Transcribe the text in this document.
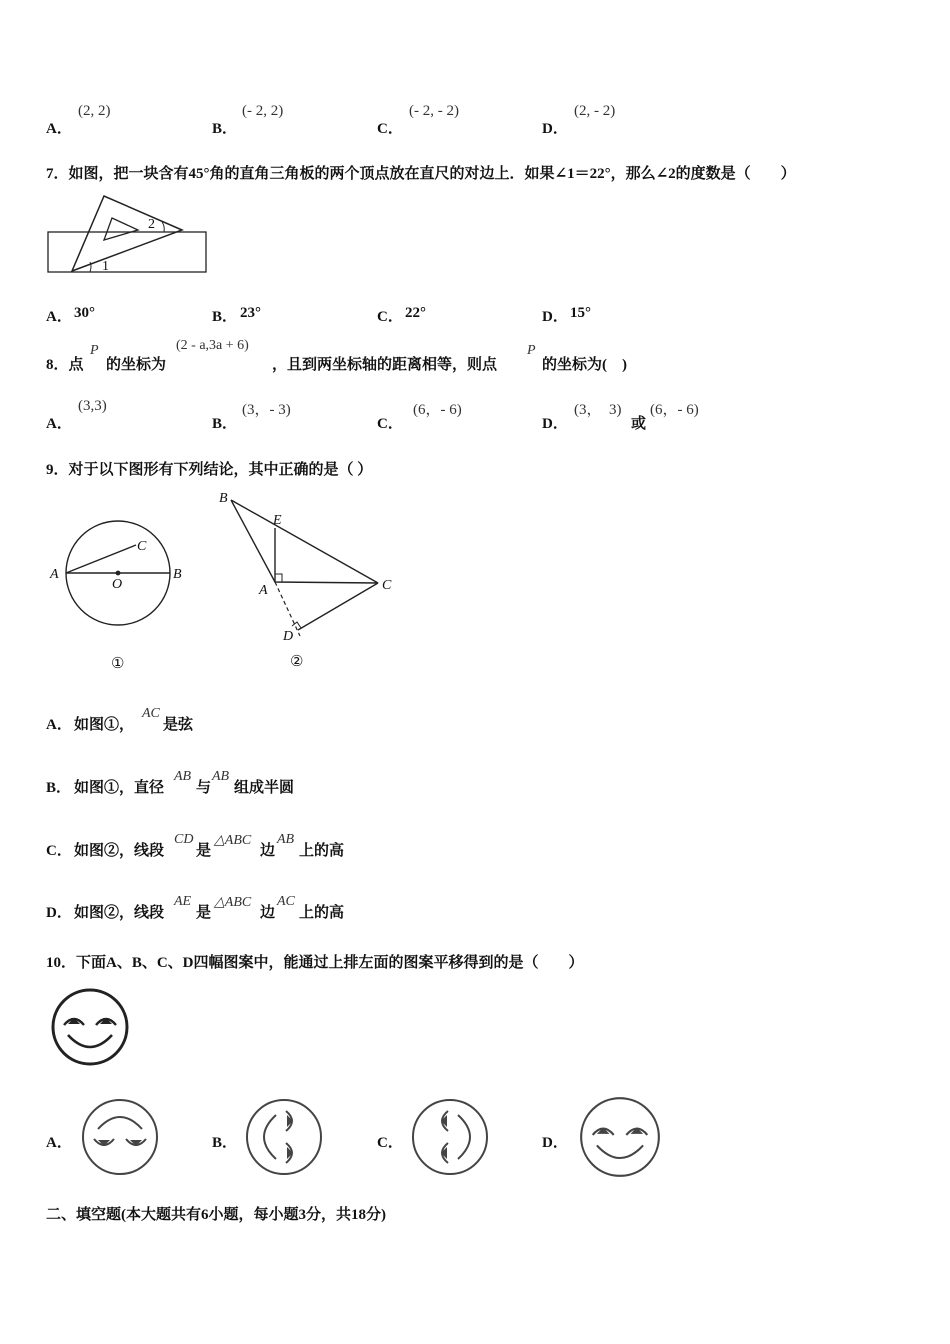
A．
(2, 2)
B．
(- 2, 2)
C．
(- 2, - 2)
D．
(2, - 2)
7．如图，把一块含有45°角的直角三角板的两个顶点放在直尺的对边上．如果∠1＝22°，那么∠2的度数是（　　）
2
1
A． 30°	B． 23°	C． 22°	D． 15°
8．点
P
的坐标为
(2 - a,3a + 6)
，且到两坐标轴的距离相等，则点
P
的坐标为(　)
A．
(3,3)
B．
(3，- 3)
C．
(6，- 6)
D．
(3，　3)
或
(6，- 6)
9．对于以下图形有下列结论，其中正确的是（ ）
A	B
C
O
①
B
E
A	C
D
②
A． 如图①，
AC
是弦
B． 如图①，直径
AB
与
AB
组成半圆
C． 如图②，线段
CD
是
△ABC
边
AB
上的高
D． 如图②，线段
AE
是
△ABC
边
AC
上的高
10．下面A、B、C、D四幅图案中，能通过上排左面的图案平移得到的是（　　）
A．	B．	C．	D．
二、填空题(本大题共有6小题，每小题3分，共18分)
